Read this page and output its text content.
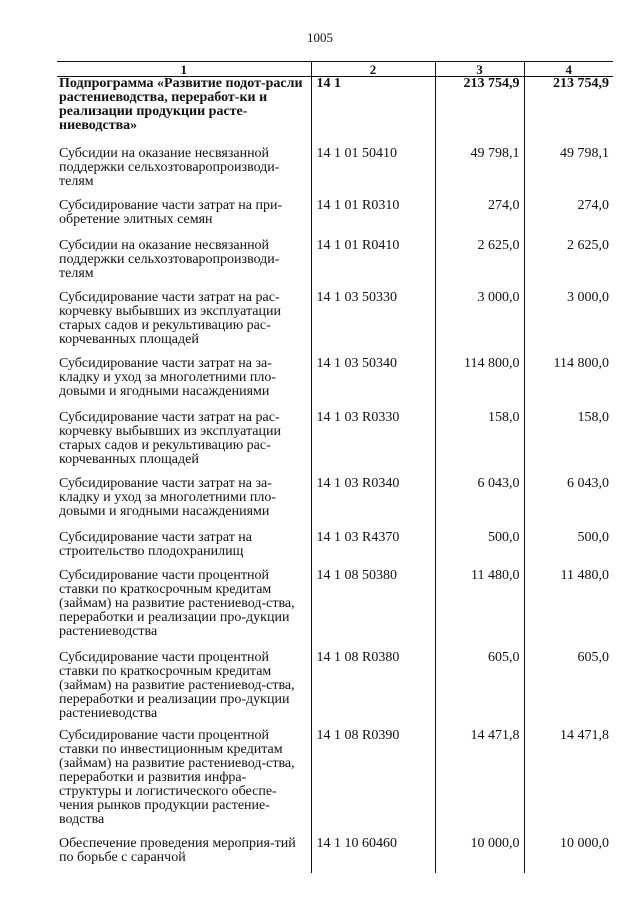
1005
1	2	3	4
Подпрограмма «Развитие подот-расли растениеводства, переработ-ки и реализации продукции расте-ниеводства»	14 1	213 754,9	213 754,9
Субсидии на оказание несвязанной поддержки сельхозтоваропроизводи-телям	14 1 01 50410	49 798,1	49 798,1
Субсидирование части затрат на при-обретение элитных семян	14 1 01 R0310	274,0	274,0
Субсидии на оказание несвязанной поддержки сельхозтоваропроизводи-телям	14 1 01 R0410	2 625,0	2 625,0
Субсидирование части затрат на рас-корчевку выбывших из эксплуатации старых садов и рекультивацию рас-корчеванных площадей	14 1 03 50330	3 000,0	3 000,0
Субсидирование части затрат на за-кладку и уход за многолетними пло-довыми и ягодными насаждениями	14 1 03 50340	114 800,0	114 800,0
Субсидирование части затрат на рас-корчевку выбывших из эксплуатации старых садов и рекультивацию рас-корчеванных площадей	14 1 03 R0330	158,0	158,0
Субсидирование части затрат на за-кладку и уход за многолетними пло-довыми и ягодными насаждениями	14 1 03 R0340	6 043,0	6 043,0
Субсидирование части затрат на строительство плодохранилищ	14 1 03 R4370	500,0	500,0
Субсидирование части процентной ставки по краткосрочным кредитам (займам) на развитие растениевод-ства, переработки и реализации про-дукции растениеводства	14 1 08 50380	11 480,0	11 480,0
Субсидирование части процентной ставки по краткосрочным кредитам (займам) на развитие растениевод-ства, переработки и реализации про-дукции растениеводства	14 1 08 R0380	605,0	605,0
Субсидирование части процентной ставки по инвестиционным кредитам (займам) на развитие растениевод-ства, переработки и развития инфра-структуры и логистического обеспе-чения рынков продукции растение-водства	14 1 08 R0390	14 471,8	14 471,8
Обеспечение проведения мероприя-тий по борьбе с саранчой	14 1 10 60460	10 000,0	10 000,0
